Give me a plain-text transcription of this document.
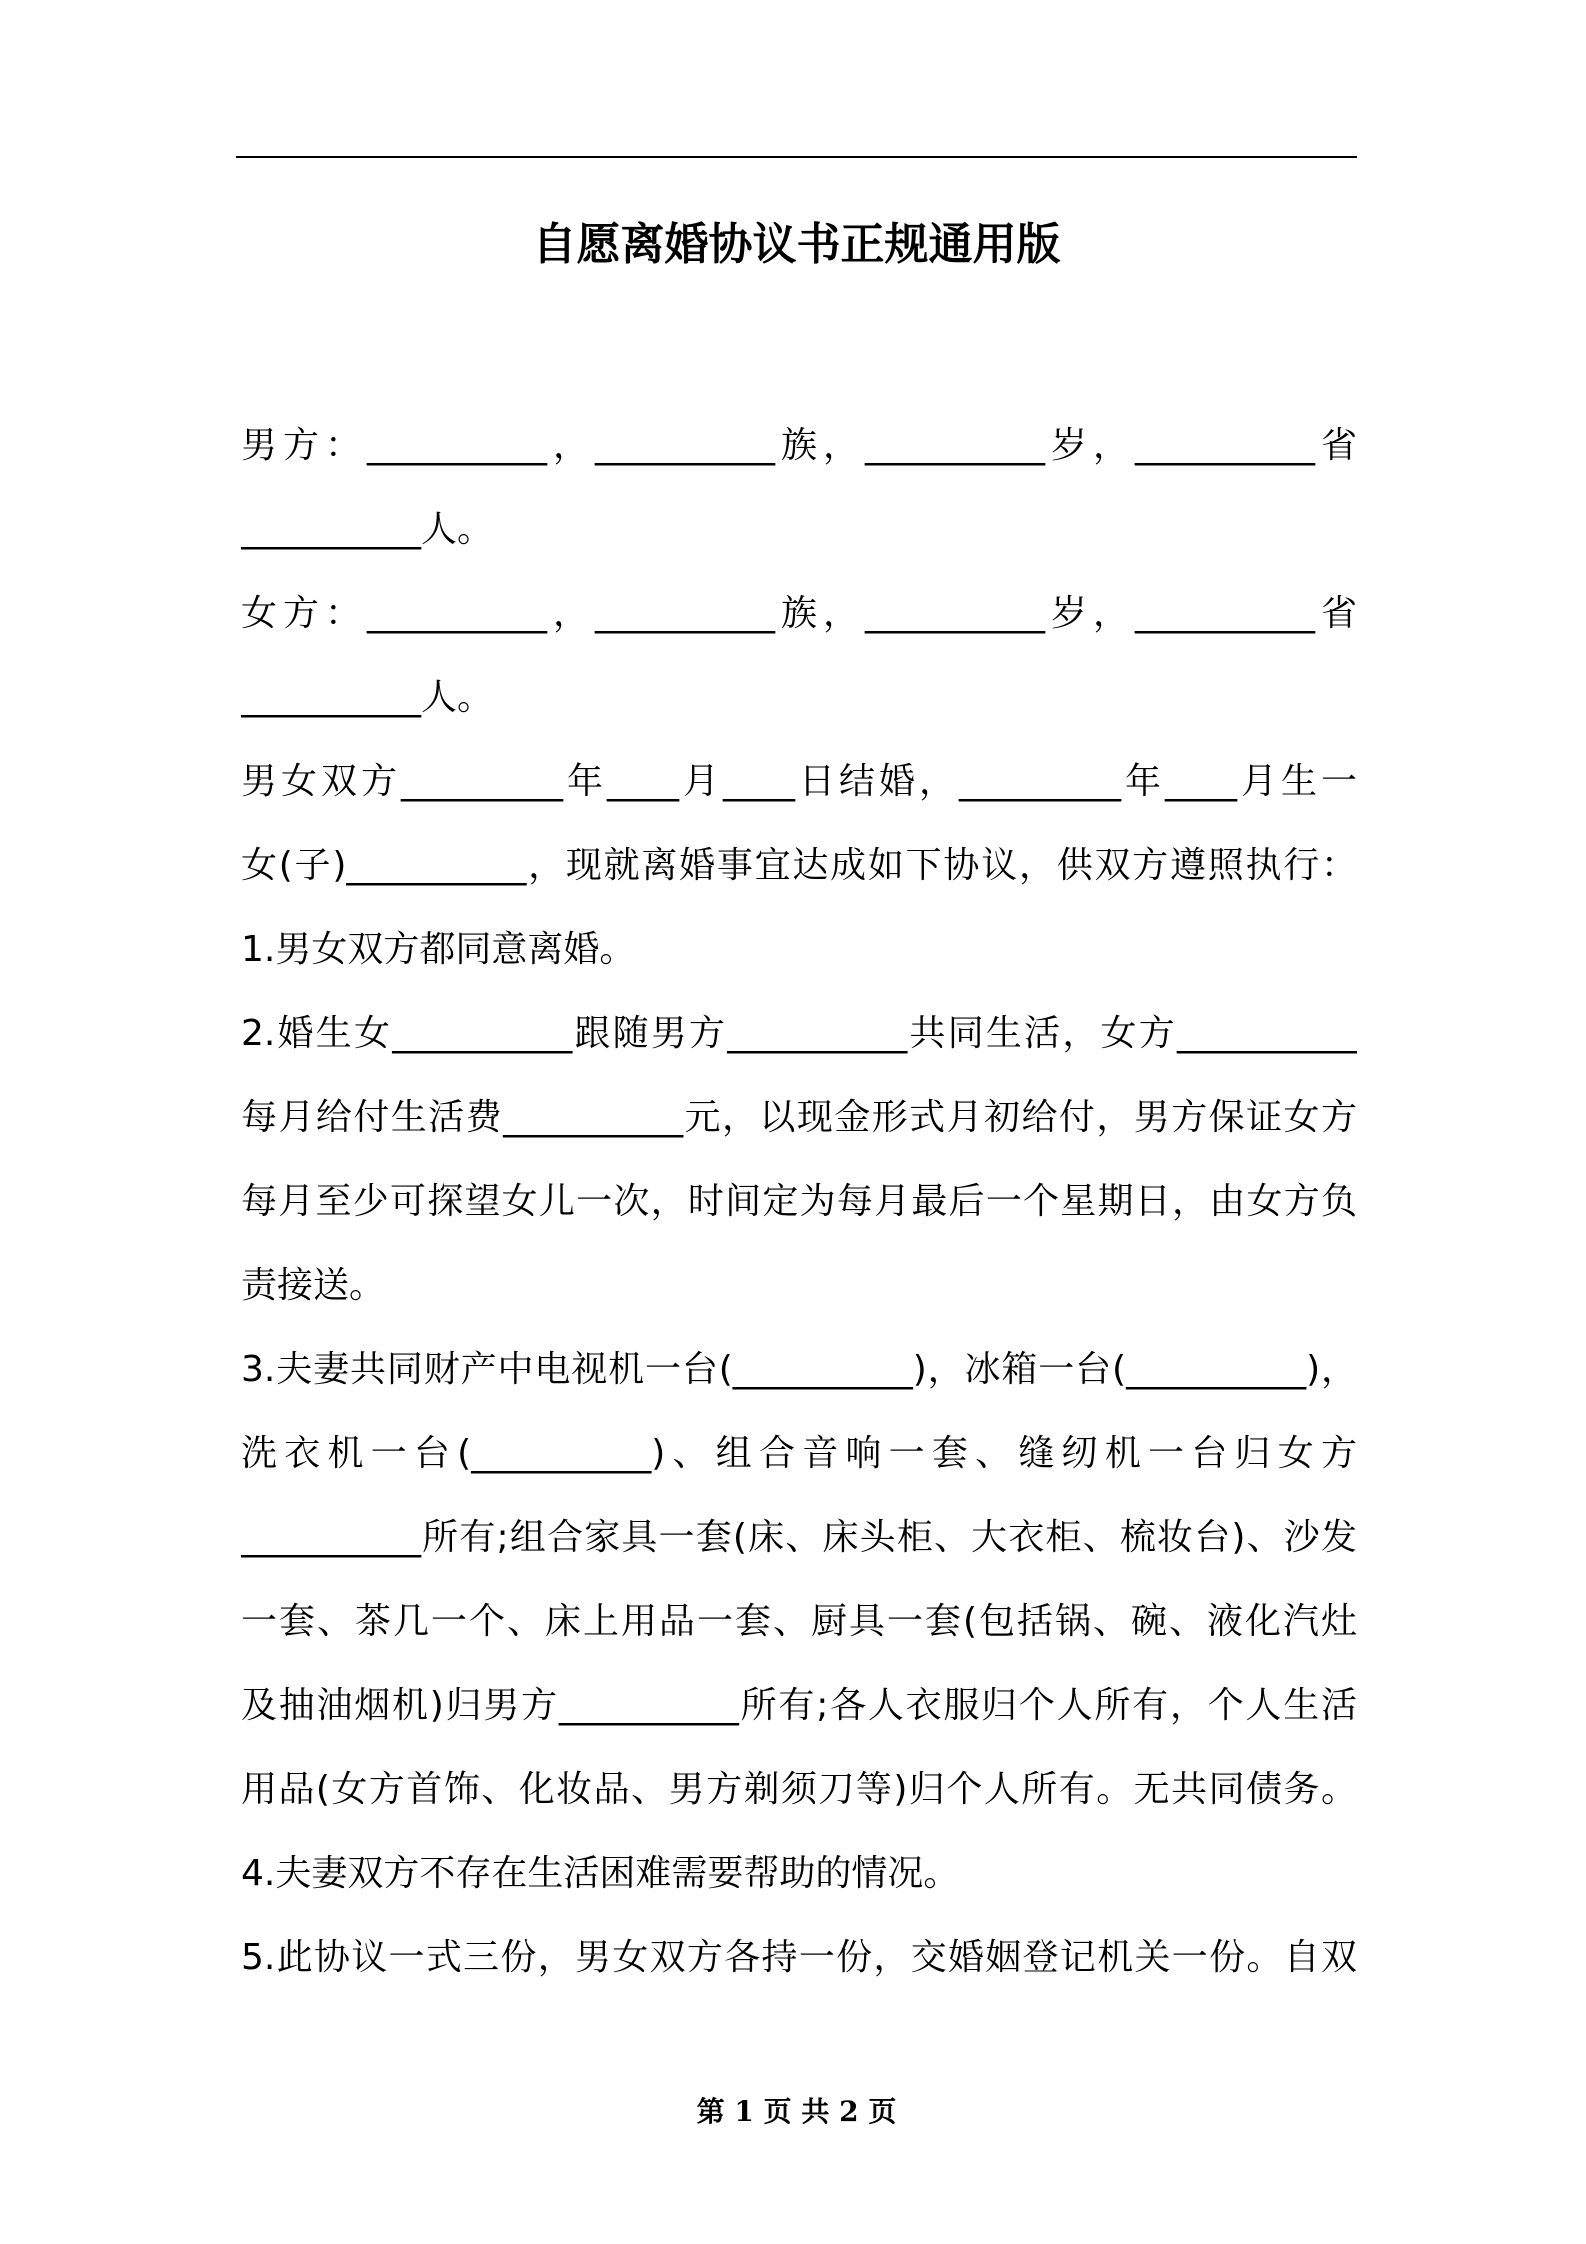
自愿离婚协议书正规通用版
男方：__________，__________族，__________岁，__________省
__________人。
女方：__________，__________族，__________岁，__________省
__________人。
男女双方_________年____月____日结婚，_________年____月生一
女(子)__________，现就离婚事宜达成如下协议，供双方遵照执行：
1.男女双方都同意离婚。
2.婚生女__________跟随男方__________共同生活，女方__________
每月给付生活费__________元，以现金形式月初给付，男方保证女方
每月至少可探望女儿一次，时间定为每月最后一个星期日，由女方负
责接送。
3.夫妻共同财产中电视机一台(__________)，冰箱一台(__________)，
洗衣机一台(__________)、组合音响一套、缝纫机一台归女方
__________所有;组合家具一套(床、床头柜、大衣柜、梳妆台)、沙发
一套、茶几一个、床上用品一套、厨具一套(包括锅、碗、液化汽灶
及抽油烟机)归男方__________所有;各人衣服归个人所有，个人生活
用品(女方首饰、化妆品、男方剃须刀等)归个人所有。无共同债务。
4.夫妻双方不存在生活困难需要帮助的情况。
5.此协议一式三份，男女双方各持一份，交婚姻登记机关一份。自双
第 1 页 共 2 页
